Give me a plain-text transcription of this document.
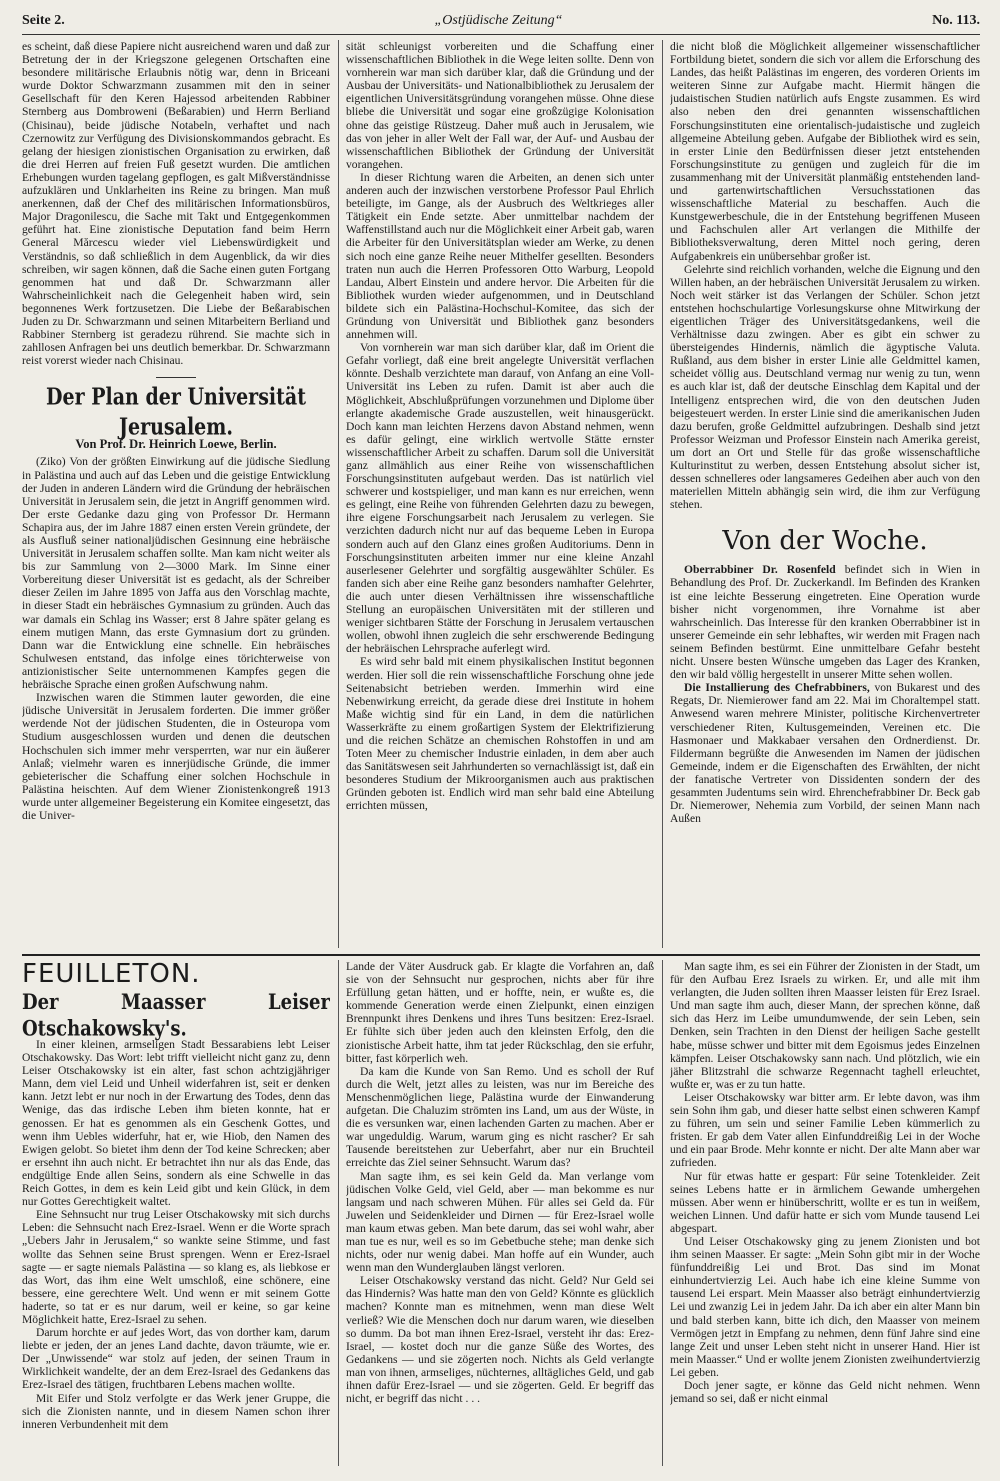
Seite 2.	„Ostjüdische Zeitung“	No. 113.

es scheint, daß diese Papiere nicht ausreichend waren und daß zur Betretung der in der Kriegszone gelegenen Ortschaften eine besondere militärische Erlaubnis nötig war, denn in Briceani wurde Doktor Schwarzmann zusammen mit den in seiner Gesellschaft für den Keren Hajessod arbeitenden Rabbiner Sternberg aus Dombroweni (Beßarabien) und Herrn Berliand (Chisinau), beide jüdische Notabeln, verhaftet und nach Czernowitz zur Verfügung des Divisionskommandos gebracht. Es gelang der hiesigen zionistischen Organisation zu erwirken, daß die drei Herren auf freien Fuß gesetzt wurden. Die amtlichen Erhebungen wurden tagelang gepflogen, es galt Mißverständnisse aufzuklären und Unklarheiten ins Reine zu bringen. Man muß anerkennen, daß der Chef des militärischen Informationsbüros, Major Dragonilescu, die Sache mit Takt und Entgegenkommen geführt hat. Eine zionistische Deputation fand beim Herrn General Mărcescu wieder viel Liebenswürdigkeit und Verständnis, so daß schließlich in dem Augenblick, da wir dies schreiben, wir sagen können, daß die Sache einen guten Fortgang genommen hat und daß Dr. Schwarzmann aller Wahrscheinlichkeit nach die Gelegenheit haben wird, sein begonnenes Werk fortzusetzen. Die Liebe der Beßarabischen Juden zu Dr. Schwarzmann und seinen Mitarbeitern Berliand und Rabbiner Sternberg ist geradezu rührend. Sie machte sich in zahllosen Anfragen bei uns deutlich bemerkbar. Dr. Schwarzmann reist vorerst wieder nach Chisinau.

Der Plan der Universität Jerusalem.
Von Prof. Dr. Heinrich Loewe, Berlin.

(Ziko) Von der größten Einwirkung auf die jüdische Siedlung in Palästina und auch auf das Leben und die geistige Entwicklung der Juden in anderen Ländern wird die Gründung der hebräischen Universität in Jerusalem sein, die jetzt in Angriff genommen wird. Der erste Gedanke dazu ging von Professor Dr. Hermann Schapira aus, der im Jahre 1887 einen ersten Verein gründete, der als Ausfluß seiner nationaljüdischen Gesinnung eine hebräische Universität in Jerusalem schaffen sollte. Man kam nicht weiter als bis zur Sammlung von 2—3000 Mark. Im Sinne einer Vorbereitung dieser Universität ist es gedacht, als der Schreiber dieser Zeilen im Jahre 1895 von Jaffa aus den Vorschlag machte, in dieser Stadt ein hebräisches Gymnasium zu gründen. Auch das war damals ein Schlag ins Wasser; erst 8 Jahre später gelang es einem mutigen Mann, das erste Gymnasium dort zu gründen. Dann war die Entwicklung eine schnelle. Ein hebräisches Schulwesen entstand, das infolge eines törichterweise von antizionistischer Seite unternommenen Kampfes gegen die hebräische Sprache einen großen Aufschwung nahm.

Inzwischen waren die Stimmen lauter geworden, die eine jüdische Universität in Jerusalem forderten. Die immer größer werdende Not der jüdischen Studenten, die in Osteuropa vom Studium ausgeschlossen wurden und denen die deutschen Hochschulen sich immer mehr versperrten, war nur ein äußerer Anlaß; vielmehr waren es innerjüdische Gründe, die immer gebieterischer die Schaffung einer solchen Hochschule in Palästina heischten. Auf dem Wiener Zionistenkongreß 1913 wurde unter allgemeiner Begeisterung ein Komitee eingesetzt, das die Univer-

sität schleunigst vorbereiten und die Schaffung einer wissenschaftlichen Bibliothek in die Wege leiten sollte. Denn von vornherein war man sich darüber klar, daß die Gründung und der Ausbau der Universitäts- und Nationalbibliothek zu Jerusalem der eigentlichen Universitätsgründung vorangehen müsse. Ohne diese bliebe die Universität und sogar eine großzügige Kolonisation ohne das geistige Rüstzeug. Daher muß auch in Jerusalem, wie das von jeher in aller Welt der Fall war, der Auf- und Ausbau der wissenschaftlichen Bibliothek der Gründung der Universität vorangehen.

In dieser Richtung waren die Arbeiten, an denen sich unter anderen auch der inzwischen verstorbene Professor Paul Ehrlich beteiligte, im Gange, als der Ausbruch des Weltkrieges aller Tätigkeit ein Ende setzte. Aber unmittelbar nachdem der Waffenstillstand auch nur die Möglichkeit einer Arbeit gab, waren die Arbeiter für den Universitätsplan wieder am Werke, zu denen sich noch eine ganze Reihe neuer Mithelfer gesellten. Besonders traten nun auch die Herren Professoren Otto Warburg, Leopold Landau, Albert Einstein und andere hervor. Die Arbeiten für die Bibliothek wurden wieder aufgenommen, und in Deutschland bildete sich ein Palästina-Hochschul-Komitee, das sich der Gründung von Universität und Bibliothek ganz besonders annehmen will.

Von vornherein war man sich darüber klar, daß im Orient die Gefahr vorliegt, daß eine breit angelegte Universität verflachen könnte. Deshalb verzichtete man darauf, von Anfang an eine Voll-Universität ins Leben zu rufen. Damit ist aber auch die Möglichkeit, Abschlußprüfungen vorzunehmen und Diplome über erlangte akademische Grade auszustellen, weit hinausgerückt. Doch kann man leichten Herzens davon Abstand nehmen, wenn es dafür gelingt, eine wirklich wertvolle Stätte ernster wissenschaftlicher Arbeit zu schaffen. Darum soll die Universität ganz allmählich aus einer Reihe von wissenschaftlichen Forschungsinstituten aufgebaut werden. Das ist natürlich viel schwerer und kostspieliger, und man kann es nur erreichen, wenn es gelingt, eine Reihe von führenden Gelehrten dazu zu bewegen, ihre eigene Forschungsarbeit nach Jerusalem zu verlegen. Sie verzichten dadurch nicht nur auf das bequeme Leben in Europa sondern auch auf den Glanz eines großen Auditoriums. Denn in Forschungsinstituten arbeiten immer nur eine kleine Anzahl auserlesener Gelehrter und sorgfältig ausgewählter Schüler. Es fanden sich aber eine Reihe ganz besonders namhafter Gelehrter, die auch unter diesen Verhältnissen ihre wissenschaftliche Stellung an europäischen Universitäten mit der stilleren und weniger sichtbaren Stätte der Forschung in Jerusalem vertauschen wollen, obwohl ihnen zugleich die sehr erschwerende Bedingung der hebräischen Lehrsprache auferlegt wird.

Es wird sehr bald mit einem physikalischen Institut begonnen werden. Hier soll die rein wissenschaftliche Forschung ohne jede Seitenabsicht betrieben werden. Immerhin wird eine Nebenwirkung erreicht, da gerade diese drei Institute in hohem Maße wichtig sind für ein Land, in dem die natürlichen Wasserkräfte zu einem großartigen System der Elektrifizierung und die reichen Schätze an chemischen Rohstoffen in und am Toten Meer zu chemischer Industrie einladen, in dem aber auch das Sanitätswesen seit Jahrhunderten so vernachlässigt ist, daß ein besonderes Studium der Mikroorganismen auch aus praktischen Gründen geboten ist. Endlich wird man sehr bald eine Abteilung errichten müssen,

die nicht bloß die Möglichkeit allgemeiner wissenschaftlicher Fortbildung bietet, sondern die sich vor allem die Erforschung des Landes, das heißt Palästinas im engeren, des vorderen Orients im weiteren Sinne zur Aufgabe macht. Hiermit hängen die judaistischen Studien natürlich aufs Engste zusammen. Es wird also neben den drei genannten wissenschaftlichen Forschungsinstituten eine orientalisch-judaistische und zugleich allgemeine Abteilung geben. Aufgabe der Bibliothek wird es sein, in erster Linie den Bedürfnissen dieser jetzt entstehenden Forschungsinstitute zu genügen und zugleich für die im zusammenhang mit der Universität planmäßig entstehenden land- und gartenwirtschaftlichen Versuchsstationen das wissenschaftliche Material zu beschaffen. Auch die Kunstgewerbeschule, die in der Entstehung begriffenen Museen und Fachschulen aller Art verlangen die Mithilfe der Bibliotheksverwaltung, deren Mittel noch gering, deren Aufgabenkreis ein unübersehbar großer ist.

Gelehrte sind reichlich vorhanden, welche die Eignung und den Willen haben, an der hebräischen Universität Jerusalem zu wirken. Noch weit stärker ist das Verlangen der Schüler. Schon jetzt entstehen hochschulartige Vorlesungskurse ohne Mitwirkung der eigentlichen Träger des Universitätsgedankens, weil die Verhältnisse dazu zwingen. Aber es gibt ein schwer zu übersteigendes Hindernis, nämlich die ägyptische Valuta. Rußland, aus dem bisher in erster Linie alle Geldmittel kamen, scheidet völlig aus. Deutschland vermag nur wenig zu tun, wenn es auch klar ist, daß der deutsche Einschlag dem Kapital und der Intelligenz entsprechen wird, die von den deutschen Juden beigesteuert werden. In erster Linie sind die amerikanischen Juden dazu berufen, große Geldmittel aufzubringen. Deshalb sind jetzt Professor Weizman und Professor Einstein nach Amerika gereist, um dort an Ort und Stelle für das große wissenschaftliche Kulturinstitut zu werben, dessen Entstehung absolut sicher ist, dessen schnelleres oder langsameres Gedeihen aber auch von den materiellen Mitteln abhängig sein wird, die ihm zur Verfügung stehen.

Von der Woche.

Oberrabbiner Dr. Rosenfeld befindet sich in Wien in Behandlung des Prof. Dr. Zuckerkandl. Im Befinden des Kranken ist eine leichte Besserung eingetreten. Eine Operation wurde bisher nicht vorgenommen, ihre Vornahme ist aber wahrscheinlich. Das Interesse für den kranken Oberrabbiner ist in unserer Gemeinde ein sehr lebhaftes, wir werden mit Fragen nach seinem Befinden bestürmt. Eine unmittelbare Gefahr besteht nicht. Unsere besten Wünsche umgeben das Lager des Kranken, den wir bald völlig hergestellt in unserer Mitte sehen wollen.

Die Installierung des Chefrabbiners, von Bukarest und des Regats, Dr. Niemierower fand am 22. Mai im Choraltempel statt. Anwesend waren mehrere Minister, politische Kirchenvertreter verschiedener Riten, Kultusgemeinden, Vereinen etc. Die Hasmonaer und Makkabaer versahen den Ordnerdienst. Dr. Fildermann begrüßte die Anwesenden im Namen der jüdischen Gemeinde, indem er die Eigenschaften des Erwählten, der nicht der fanatische Vertreter von Dissidenten sondern der des gesammten Judentums sein wird. Ehrenchefrabbiner Dr. Beck gab Dr. Niemerower, Nehemia zum Vorbild, der seinen Mann nach Außen

FEUILLETON.
Der Maasser Leiser Otschakowsky's.

In einer kleinen, armseligen Stadt Bessarabiens lebt Leiser Otschakowsky. Das Wort: lebt trifft vielleicht nicht ganz zu, denn Leiser Otschakowsky ist ein alter, fast schon achtzigjähriger Mann, dem viel Leid und Unheil widerfahren ist, seit er denken kann. Jetzt lebt er nur noch in der Erwartung des Todes, denn das Wenige, das das irdische Leben ihm bieten konnte, hat er genossen. Er hat es genommen als ein Geschenk Gottes, und wenn ihm Uebles widerfuhr, hat er, wie Hiob, den Namen des Ewigen gelobt. So bietet ihm denn der Tod keine Schrecken; aber er ersehnt ihn auch nicht. Er betrachtet ihn nur als das Ende, das endgültige Ende allen Seins, sondern als eine Schwelle in das Reich Gottes, in dem es kein Leid gibt und kein Glück, in dem nur Gottes Gerechtigkeit waltet.

Eine Sehnsucht nur trug Leiser Otschakowsky mit sich durchs Leben: die Sehnsucht nach Erez-Israel. Wenn er die Worte sprach „Uebers Jahr in Jerusalem,“ so wankte seine Stimme, und fast wollte das Sehnen seine Brust sprengen. Wenn er Erez-Israel sagte — er sagte niemals Palästina — so klang es, als liebkose er das Wort, das ihm eine Welt umschloß, eine schönere, eine bessere, eine gerechtere Welt. Und wenn er mit seinem Gotte haderte, so tat er es nur darum, weil er keine, so gar keine Möglichkeit hatte, Erez-Israel zu sehen.

Darum horchte er auf jedes Wort, das von dorther kam, darum liebte er jeden, der an jenes Land dachte, davon träumte, wie er. Der „Unwissende“ war stolz auf jeden, der seinen Traum in Wirklichkeit wandelte, der an dem Erez-Israel des Gedankens das Erez-Israel des tätigen, fruchtbaren Lebens machen wollte.

Mit Eifer und Stolz verfolgte er das Werk jener Gruppe, die sich die Zionisten nannte, und in diesem Namen schon ihrer inneren Verbundenheit mit dem

Lande der Väter Ausdruck gab. Er klagte die Vorfahren an, daß sie von der Sehnsucht nur gesprochen, nichts aber für ihre Erfüllung getan hätten, und er hoffte, nein, er wußte es, die kommende Generation werde einen Zielpunkt, einen einzigen Brennpunkt ihres Denkens und ihres Tuns besitzen: Erez-Israel. Er fühlte sich über jeden auch den kleinsten Erfolg, den die zionistische Arbeit hatte, ihm tat jeder Rückschlag, den sie erfuhr, bitter, fast körperlich weh.

Da kam die Kunde von San Remo. Und es scholl der Ruf durch die Welt, jetzt alles zu leisten, was nur im Bereiche des Menschenmöglichen liege, Palästina wurde der Einwanderung aufgetan. Die Chaluzim strömten ins Land, um aus der Wüste, in die es versunken war, einen lachenden Garten zu machen. Aber er war ungeduldig. Warum, warum ging es nicht rascher? Er sah Tausende bereitstehen zur Ueberfahrt, aber nur ein Bruchteil erreichte das Ziel seiner Sehnsucht. Warum das?

Man sagte ihm, es sei kein Geld da. Man verlange vom jüdischen Volke Geld, viel Geld, aber — man bekomme es nur langsam und nach schweren Mühen. Für alles sei Geld da. Für Juwelen und Seidenkleider und Dirnen — für Erez-Israel wolle man kaum etwas geben. Man bete darum, das sei wohl wahr, aber man tue es nur, weil es so im Gebetbuche stehe; man denke sich nichts, oder nur wenig dabei. Man hoffe auf ein Wunder, auch wenn man den Wunderglauben längst verloren.

Leiser Otschakowsky verstand das nicht. Geld? Nur Geld sei das Hindernis? Was hatte man den von Geld? Könnte es glücklich machen? Konnte man es mitnehmen, wenn man diese Welt verließ? Wie die Menschen doch nur darum waren, wie dieselben so dumm. Da bot man ihnen Erez-Israel, versteht ihr das: Erez-Israel, — kostet doch nur die ganze Süße des Wortes, des Gedankens — und sie zögerten noch. Nichts als Geld verlangte man von ihnen, armseliges, nüchternes, alltägliches Geld, und gab ihnen dafür Erez-Israel — und sie zögerten. Geld. Er begriff das nicht, er begriff das nicht . . .

Man sagte ihm, es sei ein Führer der Zionisten in der Stadt, um für den Aufbau Erez Israels zu wirken. Er, und alle mit ihm verlangten, die Juden sollten ihren Maasser leisten für Erez Israel. Und man sagte ihm auch, dieser Mann, der sprechen könne, daß sich das Herz im Leibe umundumwende, der sein Leben, sein Denken, sein Trachten in den Dienst der heiligen Sache gestellt habe, müsse schwer und bitter mit dem Egoismus jedes Einzelnen kämpfen. Leiser Otschakowsky sann nach. Und plötzlich, wie ein jäher Blitzstrahl die schwarze Regennacht taghell erleuchtet, wußte er, was er zu tun hatte.

Leiser Otschakowsky war bitter arm. Er lebte davon, was ihm sein Sohn ihm gab, und dieser hatte selbst einen schweren Kampf zu führen, um sein und seiner Familie Leben kümmerlich zu fristen. Er gab dem Vater allen Einfunddreißig Lei in der Woche und ein paar Brode. Mehr konnte er nicht. Der alte Mann aber war zufrieden.

Nur für etwas hatte er gespart: Für seine Totenkleider. Zeit seines Lebens hatte er in ärmlichem Gewande umhergehen müssen. Aber wenn er hinüberschritt, wollte er es tun in weißem, weichen Linnen. Und dafür hatte er sich vom Munde tausend Lei abgespart.

Und Leiser Otschakowsky ging zu jenem Zionisten und bot ihm seinen Maasser. Er sagte: „Mein Sohn gibt mir in der Woche fünfunddreißig Lei und Brot. Das sind im Monat einhundertvierzig Lei. Auch habe ich eine kleine Summe von tausend Lei erspart. Mein Maasser also beträgt einhundertvierzig Lei und zwanzig Lei in jedem Jahr. Da ich aber ein alter Mann bin und bald sterben kann, bitte ich dich, den Maasser von meinem Vermögen jetzt in Empfang zu nehmen, denn fünf Jahre sind eine lange Zeit und unser Leben steht nicht in unserer Hand. Hier ist mein Maasser.“ Und er wollte jenem Zionisten zweihundertvierzig Lei geben.

Doch jener sagte, er könne das Geld nicht nehmen. Wenn jemand so sei, daß er nicht einmal
